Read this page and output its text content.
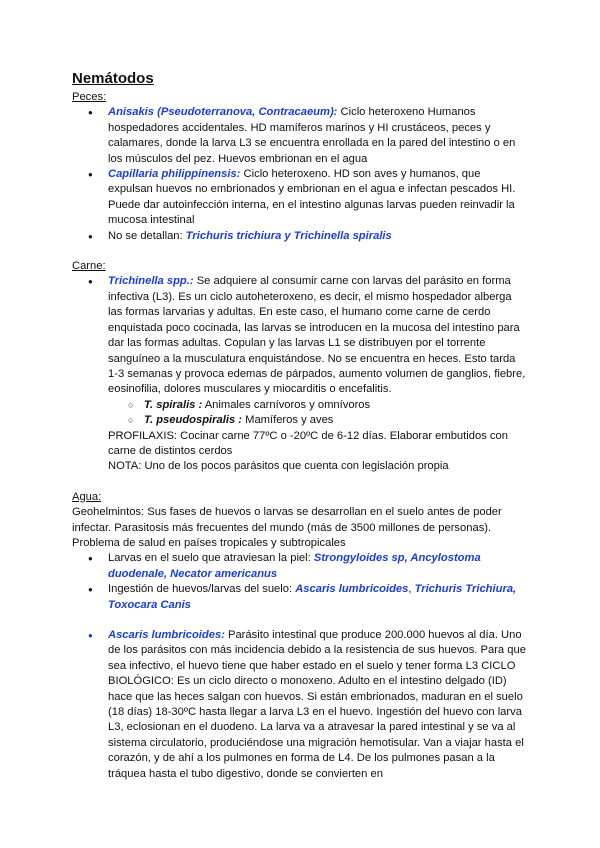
Nemátodos

Peces:

● Anisakis (Pseudoterranova, Contracaeum): Ciclo heteroxeno Humanos hospedadores accidentales. HD mamíferos marinos y HI crustáceos, peces y calamares, donde la larva L3 se encuentra enrollada en la pared del intestino o en los músculos del pez. Huevos embrionan en el agua
● Capillaria philippinensis: Ciclo heteroxeno. HD son aves y humanos, que expulsan huevos no embrionados y embrionan en el agua e infectan pescados HI. Puede dar autoinfección interna, en el intestino algunas larvas pueden reinvadir la mucosa intestinal
● No se detallan: Trichuris trichiura y Trichinella spiralis

Carne:

● Trichinella spp.: Se adquiere al consumir carne con larvas del parásito en forma infectiva (L3). Es un ciclo autoheteroxeno, es decir, el mismo hospedador alberga las formas larvarias y adultas. En este caso, el humano come carne de cerdo enquistada poco cocinada, las larvas se introducen en la mucosa del intestino para dar las formas adultas. Copulan y las larvas L1 se distribuyen por el torrente sanguíneo a la musculatura enquistándose. No se encuentra en heces. Esto tarda 1-3 semanas y provoca edemas de párpados, aumento volumen de ganglios, fiebre, eosinofilia, dolores musculares y miocarditis o encefalitis.
○ T. spiralis : Animales carnívoros y omnívoros
○ T. pseudospiralis : Mamíferos y aves

PROFILAXIS: Cocinar carne 77ºC o -20ºC de 6-12 días. Elaborar embutidos con carne de distintos cerdos

NOTA: Uno de los pocos parásitos que cuenta con legislación propia

Agua:

Geohelmintos: Sus fases de huevos o larvas se desarrollan en el suelo antes de poder infectar. Parasitosis más frecuentes del mundo (más de 3500 millones de personas). Problema de salud en países tropicales y subtropicales

● Larvas en el suelo que atraviesan la piel: Strongyloides sp, Ancylostoma duodenale, Necator americanus
● Ingestión de huevos/larvas del suelo: Ascaris lumbricoides, Trichuris Trichiura, Toxocara Canis
● Ascaris lumbricoides: Parásito intestinal que produce 200.000 huevos al día. Uno de los parásitos con más incidencia debido a la resistencia de sus huevos. Para que sea infectivo, el huevo tiene que haber estado en el suelo y tener forma L3 CICLO BIOLÓGICO: Es un ciclo directo o monoxeno. Adulto en el intestino delgado (ID) hace que las heces salgan con huevos. Si están embrionados, maduran en el suelo (18 días) 18-30ºC hasta llegar a larva L3 en el huevo. Ingestión del huevo con larva L3, eclosionan en el duodeno. La larva va a atravesar la pared intestinal y se va al sistema circulatorio, produciéndose una migración hemotisular. Van a viajar hasta el corazón, y de ahí a los pulmones en forma de L4. De los pulmones pasan a la tráquea hasta el tubo digestivo, donde se convierten en
